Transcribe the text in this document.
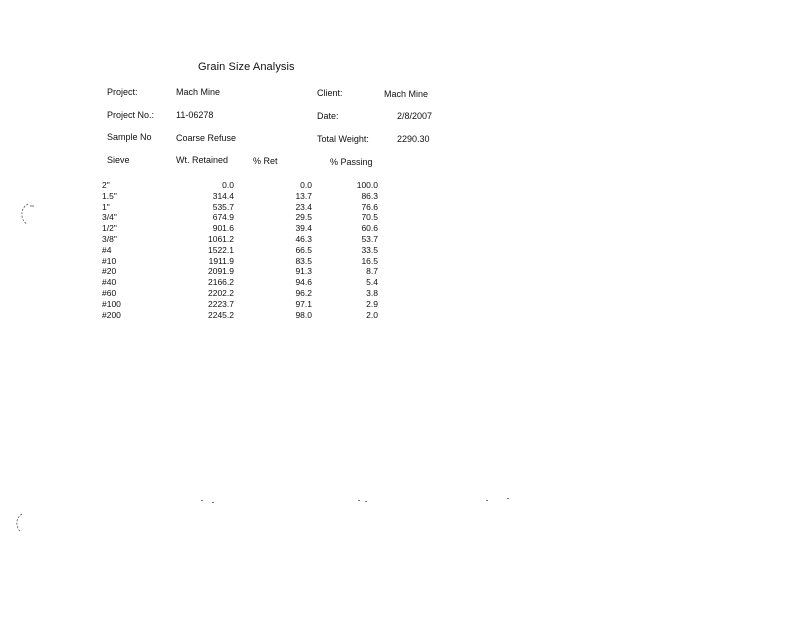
Grain Size Analysis
Project:	Mach Mine	Client:	Mach Mine
Project No.: 11-06278	Date:	2/8/2007
Sample No	Coarse Refuse	Total Weight:	2290.30
Sieve	Wt. Retained	% Ret	% Passing
2"	0.0	0.0	100.0
1.5"	314.4	13.7	86.3
1"	535.7	23.4	76.6
3/4"	674.9	29.5	70.5
1/2"	901.6	39.4	60.6
3/8"	1061.2	46.3	53.7
#4	1522.1	66.5	33.5
#10	1911.9	83.5	16.5
#20	2091.9	91.3	8.7
#40	2166.2	94.6	5.4
#60	2202.2	96.2	3.8
#100	2223.7	97.1	2.9
#200	2245.2	98.0	2.0
